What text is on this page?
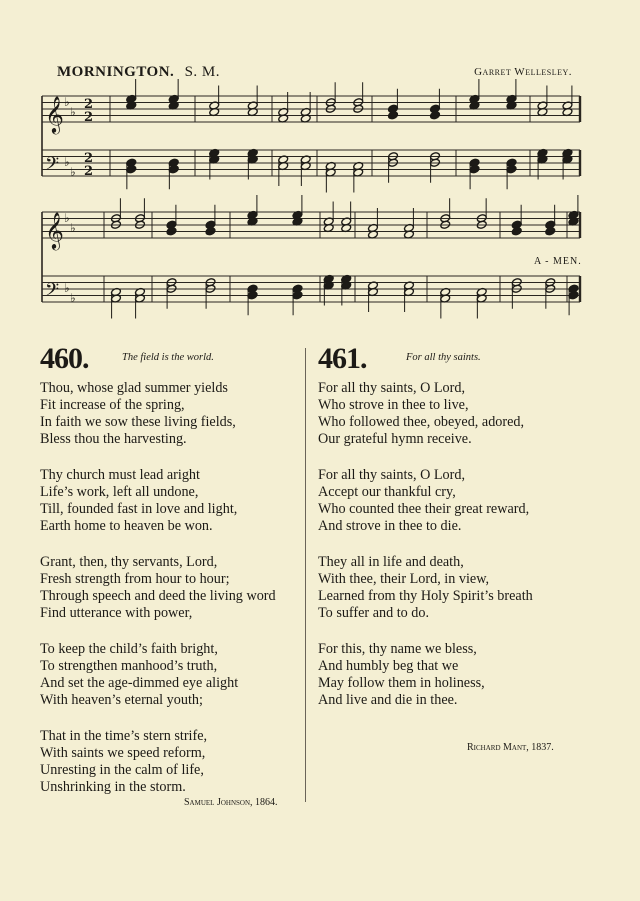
MORNINGTON. S. M.	Garret Wellesley.
𝄞 ♭
♭ 2
2
𝄢 ♭
♭
2
2
𝄞 ♭
♭
𝄢 ♭
♭
A - MEN.
460.	The field is the world.
Thou, whose glad summer yields
Fit increase of the spring,
In faith we sow these living fields,
Bless thou the harvesting.
Thy church must lead aright
Life’s work, left all undone,
Till, founded fast in love and light,
Earth home to heaven be won.
Grant, then, thy servants, Lord,
Fresh strength from hour to hour;
Through speech and deed the living word
Find utterance with power,
To keep the child’s faith bright,
To strengthen manhood’s truth,
And set the age-dimmed eye alight
With heaven’s eternal youth;
That in the time’s stern strife,
With saints we speed reform,
Unresting in the calm of life,
Unshrinking in the storm.
Samuel Johnson, 1864.
461.	For all thy saints.
For all thy saints, O Lord,
Who strove in thee to live,
Who followed thee, obeyed, adored,
Our grateful hymn receive.
For all thy saints, O Lord,
Accept our thankful cry,
Who counted thee their great reward,
And strove in thee to die.
They all in life and death,
With thee, their Lord, in view,
Learned from thy Holy Spirit’s breath
To suffer and to do.
For this, thy name we bless,
And humbly beg that we
May follow them in holiness,
And live and die in thee.
Richard Mant, 1837.
